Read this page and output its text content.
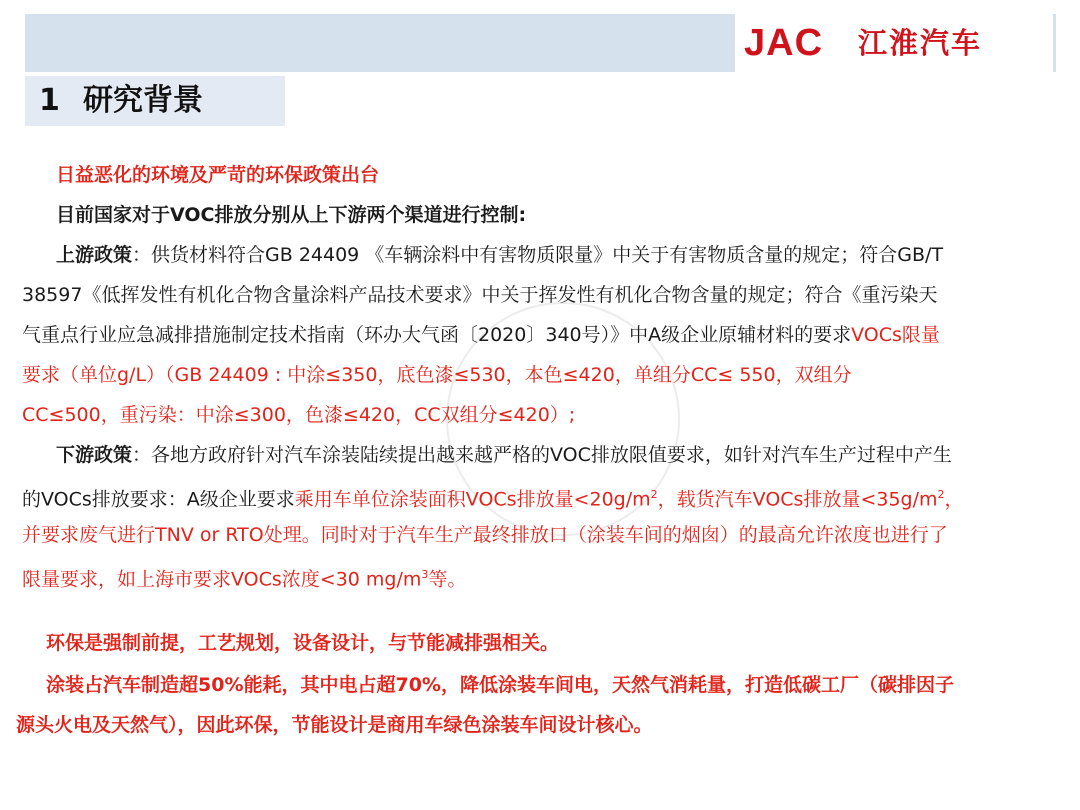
JAC 江淮汽车
1 研究背景
日益恶化的环境及严苛的环保政策出台
目前国家对于VOC排放分别从上下游两个渠道进行控制:
上游政策：供货材料符合GB 24409 《车辆涂料中有害物质限量》中关于有害物质含量的规定；符合GB/T
38597《低挥发性有机化合物含量涂料产品技术要求》中关于挥发性有机化合物含量的规定；符合《重污染天
气重点行业应急减排措施制定技术指南（环办大气函〔2020〕340号）》中A级企业原辅材料的要求VOCs限量
要求（单位g/L）（GB 24409 : 中涂≤350，底色漆≤530，本色≤420，单组分CC≤ 550，双组分
CC≤500，重污染：中涂≤300，色漆≤420，CC双组分≤420）;
下游政策：各地方政府针对汽车涂装陆续提出越来越严格的VOC排放限值要求，如针对汽车生产过程中产生
的VOCs排放要求：A级企业要求乘用车单位涂装面积VOCs排放量$<20g/m^2$，载货汽车VOCs排放量$<35g/m^2$，
并要求废气进行TNV or RTO处理。同时对于汽车生产最终排放口（涂装车间的烟囱）的最高允许浓度也进行了
限量要求，如上海市要求VOCs浓度<30 $mg/m^3$等。
环保是强制前提，工艺规划，设备设计，与节能减排强相关。
涂装占汽车制造超50%能耗，其中电占超70%，降低涂装车间电，天然气消耗量，打造低碳工厂（碳排因子
源头火电及天然气），因此环保，节能设计是商用车绿色涂装车间设计核心。
